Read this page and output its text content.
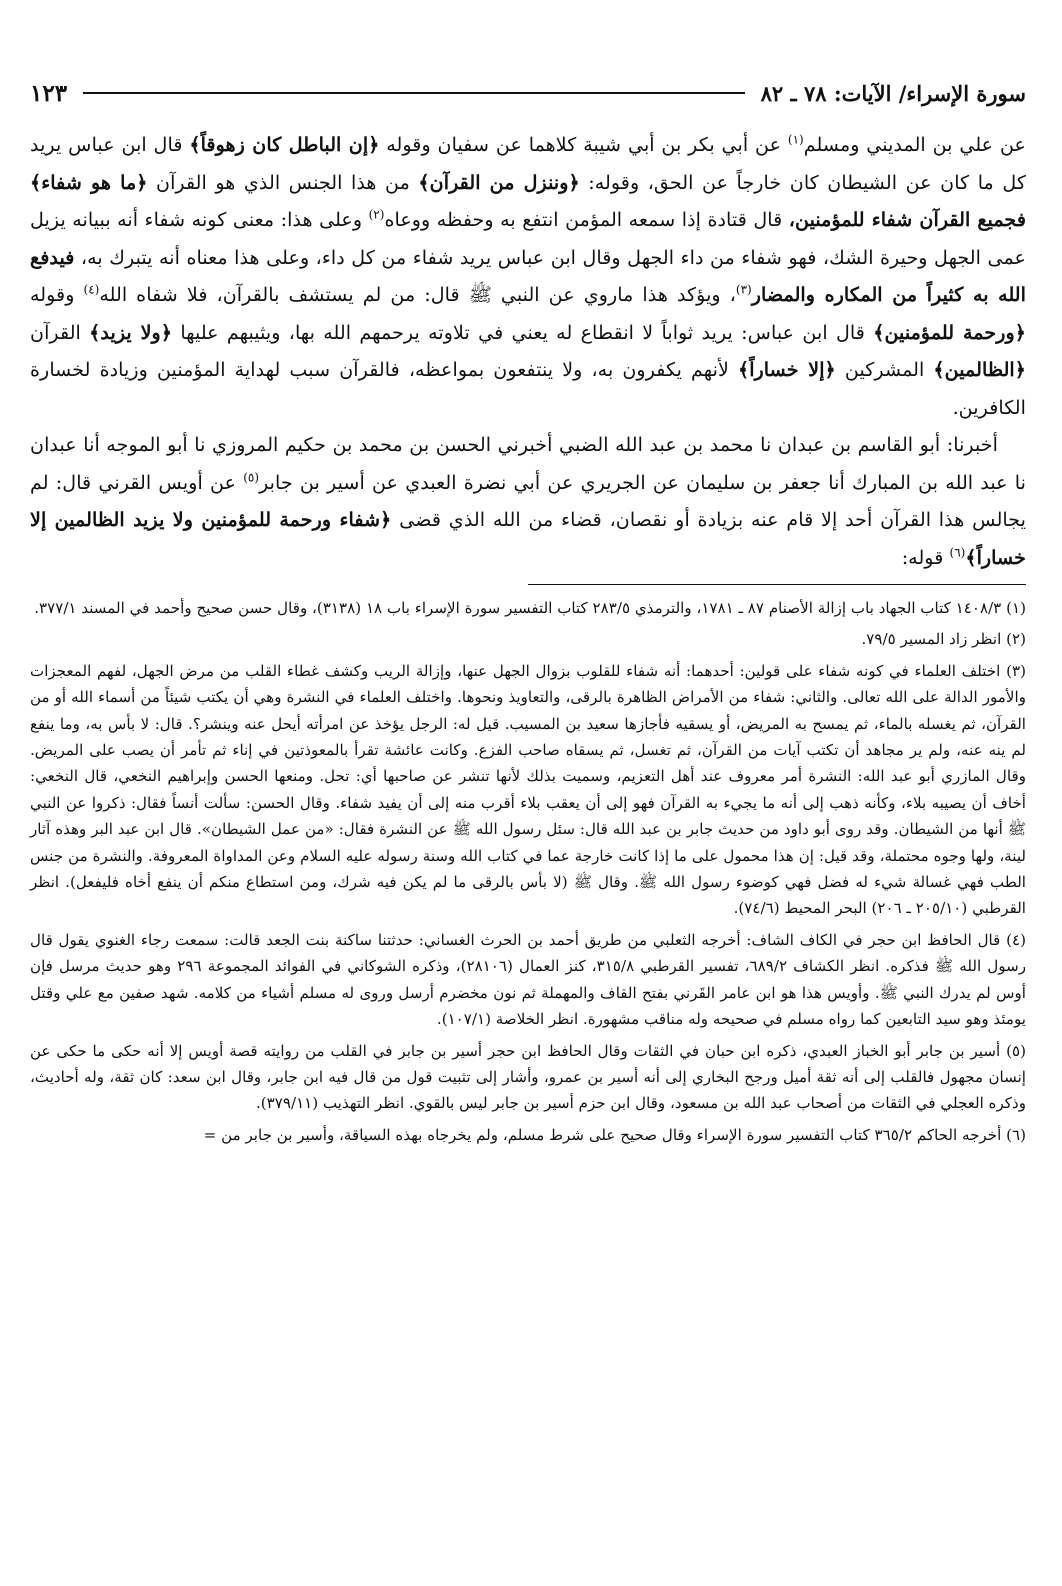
سورة الإسراء/ الآيات: ٧٨ ـ ٨٢
١٢٣

عن علي بن المديني ومسلم$^{(١)}$ عن أبي بكر بن أبي شيبة كلاهما عن سفيان وقوله ﴿إن الباطل كان زهوقاً﴾ قال ابن عباس يريد كل ما كان عن الشيطان كان خارجاً عن الحق، وقوله: ﴿وننزل من القرآن﴾ من هذا الجنس الذي هو القرآن ﴿ما هو شفاء﴾ فجميع القرآن شفاء للمؤمنين، قال قتادة إذا سمعه المؤمن انتفع به وحفظه ووعاه$^{(٢)}$ وعلى هذا: معنى كونه شفاء أنه ببيانه يزيل عمى الجهل وحيرة الشك، فهو شفاء من داء الجهل وقال ابن عباس يريد شفاء من كل داء، وعلى هذا معناه أنه يتبرك به، فيدفع الله به كثيراً من المكاره والمضار$^{(٣)}$، ويؤكد هذا ماروي عن النبي ﷺ قال: من لم يستشف بالقرآن، فلا شفاه الله$^{(٤)}$ وقوله ﴿ورحمة للمؤمنين﴾ قال ابن عباس: يريد ثواباً لا انقطاع له يعني في تلاوته يرحمهم الله بها، ويثيبهم عليها ﴿ولا يزيد﴾ القرآن ﴿الظالمين﴾ المشركين ﴿إلا خساراً﴾ لأنهم يكفرون به، ولا ينتفعون بمواعظه، فالقرآن سبب لهداية المؤمنين وزيادة لخسارة الكافرين.

أخبرنا: أبو القاسم بن عبدان نا محمد بن عبد الله الضبي أخبرني الحسن بن محمد بن حكيم المروزي نا أبو الموجه أنا عبدان نا عبد الله بن المبارك أنا جعفر بن سليمان عن الجريري عن أبي نضرة العبدي عن أسير بن جابر$^{(٥)}$ عن أويس القرني قال: لم يجالس هذا القرآن أحد إلا قام عنه بزيادة أو نقصان، قضاء من الله الذي قضى ﴿شفاء ورحمة للمؤمنين ولا يزيد الظالمين إلا خساراً﴾$^{(٦)}$ قوله:

(١) ١٤٠٨/٣ كتاب الجهاد باب إزالة الأصنام ٨٧ ـ ١٧٨١، والترمذي ٢٨٣/٥ كتاب التفسير سورة الإسراء باب ١٨ (٣١٣٨)، وقال حسن صحيح وأحمد في المسند ٣٧٧/١.

(٢) انظر زاد المسير ٧٩/٥.

(٣) اختلف العلماء في كونه شفاء على قولين: أحدهما: أنه شفاء للقلوب بزوال الجهل عنها، وإزالة الريب وكشف غطاء القلب من مرض الجهل، لفهم المعجزات والأمور الدالة على الله تعالى. والثاني: شفاء من الأمراض الظاهرة بالرقى، والتعاويذ ونحوها. واختلف العلماء في النشرة وهي أن يكتب شيئاً من أسماء الله أو من القرآن، ثم يغسله بالماء، ثم يمسح به المريض، أو يسقيه فأجازها سعيد بن المسيب. قيل له: الرجل يؤخذ عن امرأته أيحل عنه وينشر؟. قال: لا بأس به، وما ينفع لم ينه عنه، ولم ير مجاهد أن تكتب آيات من القرآن، ثم تغسل، ثم يسقاه صاحب الفزع. وكانت عائشة تقرأ بالمعوذتين في إناء ثم تأمر أن يصب على المريض. وقال المازري أبو عبد الله: النشرة أمر معروف عند أهل التعزيم، وسميت بذلك لأنها تنشر عن صاحبها أي: تحل. ومنعها الحسن وإبراهيم النخعي، قال النخعي: أخاف أن يصيبه بلاء، وكأنه ذهب إلى أنه ما يجيء به القرآن فهو إلى أن يعقب بلاء أقرب منه إلى أن يفيد شفاء. وقال الحسن: سألت أنساً فقال: ذكروا عن النبي ﷺ أنها من الشيطان. وقد روى أبو داود من حديث جابر بن عبد الله قال: سئل رسول الله ﷺ عن النشرة فقال: «من عمل الشيطان». قال ابن عبد البر وهذه آثار لينة، ولها وجوه محتملة، وقد قيل: إن هذا محمول على ما إذا كانت خارجة عما في كتاب الله وسنة رسوله عليه السلام وعن المداواة المعروفة. والنشرة من جنس الطب فهي غسالة شيء له فضل فهي كوضوء رسول الله ﷺ. وقال ﷺ (لا بأس بالرقى ما لم يكن فيه شرك، ومن استطاع منكم أن ينفع أخاه فليفعل). انظر القرطبي (٢٠٥/١٠ ـ ٢٠٦) البحر المحيط (٧٤/٦).

(٤) قال الحافظ ابن حجر في الكاف الشاف: أخرجه الثعلبي من طريق أحمد بن الحرث الغساني: حدثتنا ساكنة بنت الجعد قالت: سمعت رجاء الغنوي يقول قال رسول الله ﷺ فذكره. انظر الكشاف ٦٨٩/٢، تفسير القرطبي ٣١٥/٨، كنز العمال (٢٨١٠٦)، وذكره الشوكاني في الفوائد المجموعة ٢٩٦ وهو حديث مرسل فإن أوس لم يدرك النبي ﷺ. وأويس هذا هو ابن عامر القَرني بفتح القاف والمهملة ثم نون مخضرم أرسل وروى له مسلم أشياء من كلامه. شهد صفين مع علي وقتل يومئذ وهو سيد التابعين كما رواه مسلم في صحيحه وله مناقب مشهورة. انظر الخلاصة (١٠٧/١).

(٥) أسير بن جابر أبو الخباز العبدي، ذكره ابن حبان في الثقات وقال الحافظ ابن حجر أسير بن جابر في القلب من روايته قصة أويس إلا أنه حكى ما حكى عن إنسان مجهول فالقلب إلى أنه ثقة أميل ورجح البخاري إلى أنه أسير بن عمرو، وأشار إلى تثبيت قول من قال فيه ابن جابر، وقال ابن سعد: كان ثقة، وله أحاديث، وذكره العجلي في الثقات من أصحاب عبد الله بن مسعود، وقال ابن حزم أسير بن جابر ليس بالقوي. انظر التهذيب (٣٧٩/١١).

(٦) أخرجه الحاكم ٣٦٥/٢ كتاب التفسير سورة الإسراء وقال صحيح على شرط مسلم، ولم يخرجاه بهذه السياقة، وأسير بن جابر من =
